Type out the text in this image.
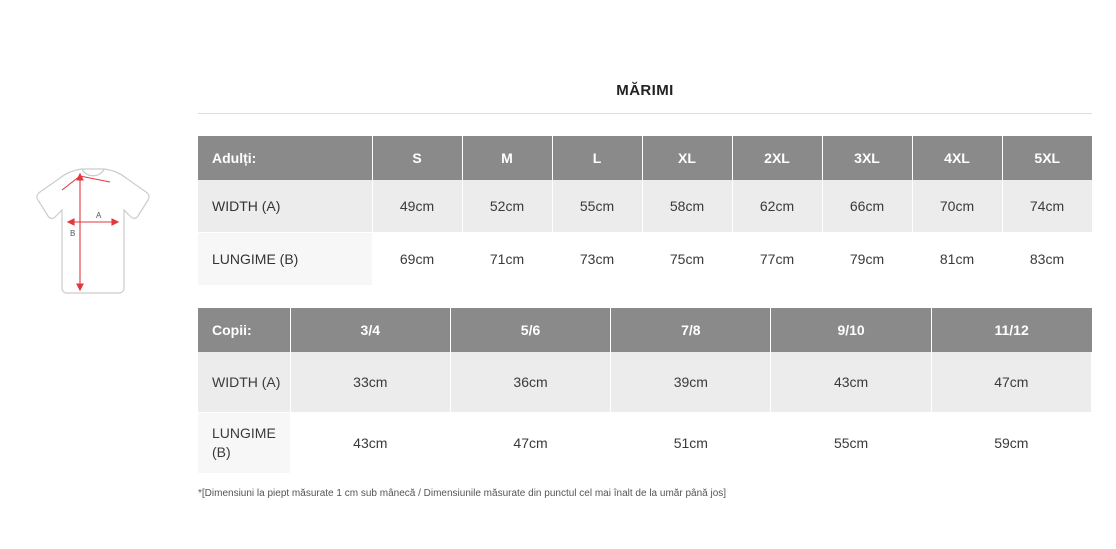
A
B
MĂRIMI
Adulți:	S	M	L	XL	2XL	3XL	4XL	5XL
WIDTH (A)	49cm	52cm	55cm	58cm	62cm	66cm	70cm	74cm
LUNGIME (B)	69cm	71cm	73cm	75cm	77cm	79cm	81cm	83cm
Copii:	3/4	5/6	7/8	9/10	11/12
WIDTH (A)	33cm	36cm	39cm	43cm	47cm
LUNGIME (B)	43cm	47cm	51cm	55cm	59cm
*[Dimensiuni la piept măsurate 1 cm sub mânecă / Dimensiunile măsurate din punctul cel mai înalt de la umăr până jos]
